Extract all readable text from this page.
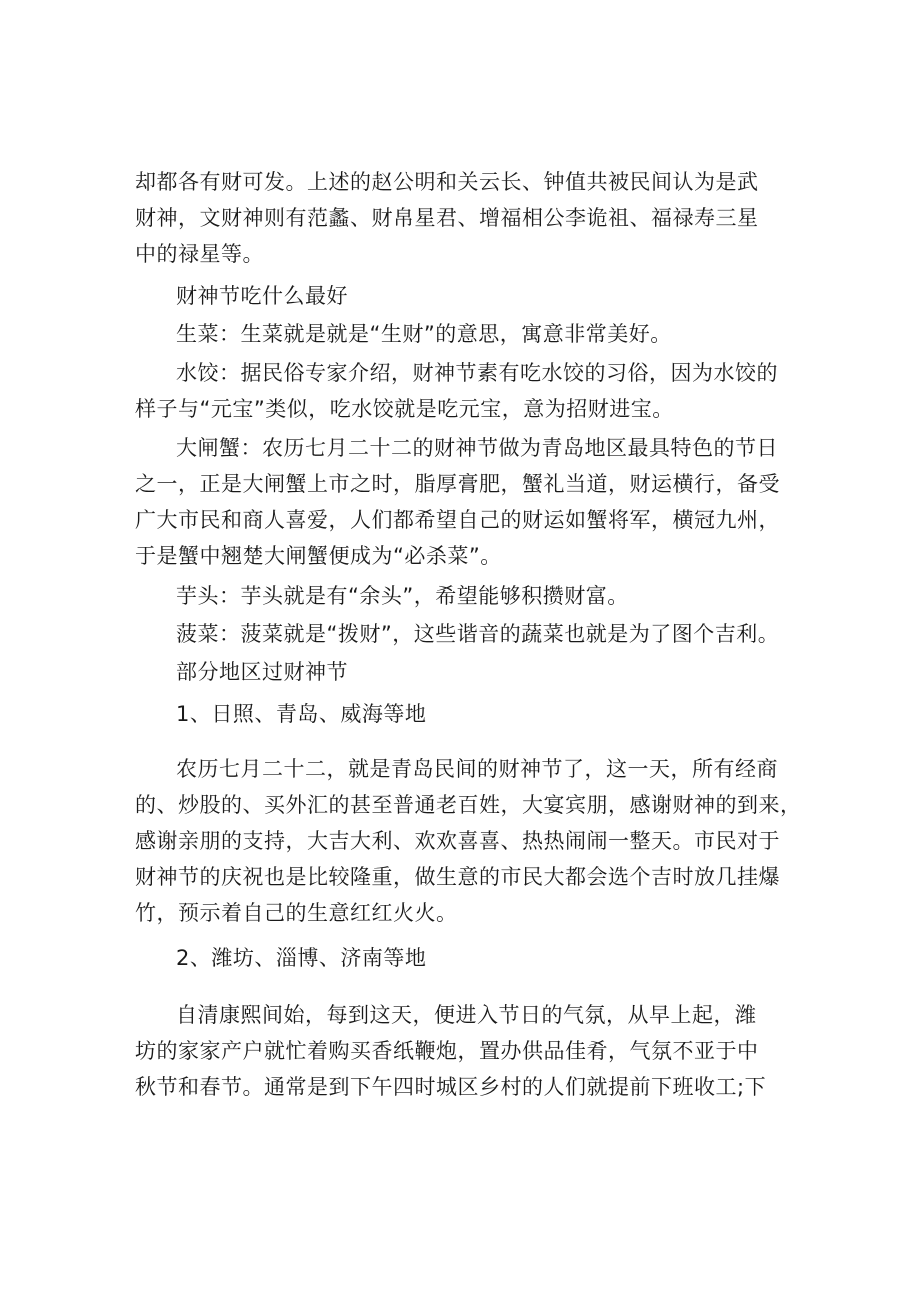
却都各有财可发。上述的赵公明和关云长、钟值共被民间认为是武
财神，文财神则有范蠡、财帛星君、增福相公李诡祖、福禄寿三星
中的禄星等。
财神节吃什么最好
生菜：生菜就是就是“生财”的意思，寓意非常美好。
水饺：据民俗专家介绍，财神节素有吃水饺的习俗，因为水饺的
样子与“元宝”类似，吃水饺就是吃元宝，意为招财进宝。
大闸蟹：农历七月二十二的财神节做为青岛地区最具特色的节日
之一，正是大闸蟹上市之时，脂厚膏肥，蟹礼当道，财运横行，备受
广大市民和商人喜爱，人们都希望自己的财运如蟹将军，横冠九州，
于是蟹中翘楚大闸蟹便成为“必杀菜”。
芋头：芋头就是有“余头”，希望能够积攒财富。
菠菜：菠菜就是“拨财”，这些谐音的蔬菜也就是为了图个吉利。
部分地区过财神节
1、日照、青岛、威海等地
农历七月二十二，就是青岛民间的财神节了，这一天，所有经商
的、炒股的、买外汇的甚至普通老百姓，大宴宾朋，感谢财神的到来，
感谢亲朋的支持，大吉大利、欢欢喜喜、热热闹闹一整天。市民对于
财神节的庆祝也是比较隆重，做生意的市民大都会选个吉时放几挂爆
竹，预示着自己的生意红红火火。
2、潍坊、淄博、济南等地
自清康熙间始，每到这天，便进入节日的气氛，从早上起，潍
坊的家家产户就忙着购买香纸鞭炮，置办供品佳肴，气氛不亚于中
秋节和春节。通常是到下午四时城区乡村的人们就提前下班收工;下
